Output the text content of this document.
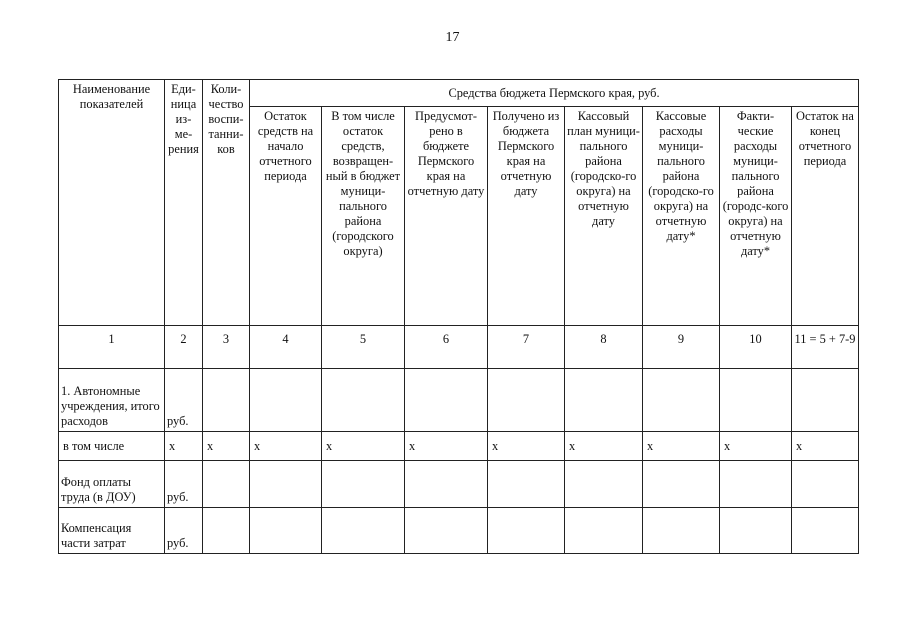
17
Наименование показателей	Еди-ница из-ме-рения	Коли-чество воспи-танни-ков	Средства бюджета Пермского края, руб.							
			Остаток средств на начало отчетного периода	В том числе остаток средств, возвращен-ный в бюджет муници-пального района (городского округа)	Предусмот-рено в бюджете Пермского края на отчетную дату	Получено из бюджета Пермского края на отчетную дату	Кассовый план муници-пального района (городско-го округа) на отчетную дату	Кассовые расходы муници-пального района (городско-го округа) на отчетную дату*	Факти-ческие расходы муници-пального района (городс-кого округа) на отчетную дату*	Остаток на конец отчетного периода
1	2	3	4	5	6	7	8	9	10	11 = 5 + 7-9
1. Автономные учреждения, итого расходов	руб.									
в том числе	х	х	х	х	х	х	х	х	х	х
Фонд оплаты труда (в ДОУ)	руб.									
Компенсация части затрат	руб.									
